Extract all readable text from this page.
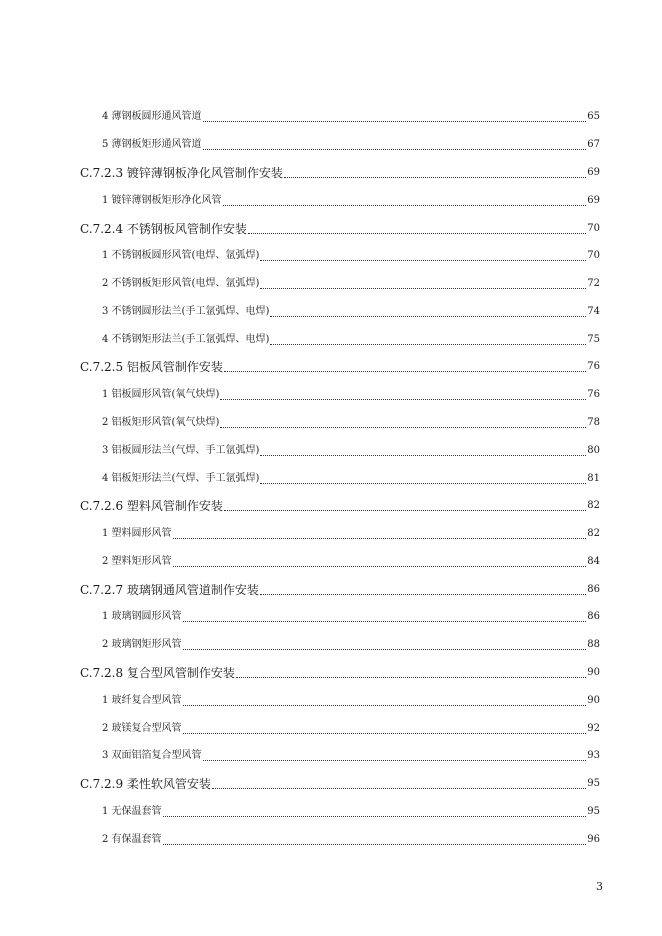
4 薄钢板圆形通风管道	65
5 薄钢板矩形通风管道	67
C.7.2.3 镀锌薄钢板净化风管制作安装	69
1 镀锌薄钢板矩形净化风管	69
C.7.2.4 不锈钢板风管制作安装	70
1 不锈钢板圆形风管(电焊、氩弧焊)	70
2 不锈钢板矩形风管(电焊、氩弧焊)	72
3 不锈钢圆形法兰(手工氩弧焊、电焊)	74
4 不锈钢矩形法兰(手工氩弧焊、电焊)	75
C.7.2.5 铝板风管制作安装	76
1 铝板圆形风管(氧气炔焊)	76
2 铝板矩形风管(氧气炔焊)	78
3 铝板圆形法兰(气焊、手工氩弧焊)	80
4 铝板矩形法兰(气焊、手工氩弧焊)	81
C.7.2.6 塑料风管制作安装	82
1 塑料圆形风管	82
2 塑料矩形风管	84
C.7.2.7 玻璃钢通风管道制作安装	86
1 玻璃钢圆形风管	86
2 玻璃钢矩形风管	88
C.7.2.8 复合型风管制作安装	90
1 玻纤复合型风管	90
2 玻镁复合型风管	92
3 双面铝箔复合型风管	93
C.7.2.9 柔性软风管安装	95
1 无保温套管	95
2 有保温套管	96
3
